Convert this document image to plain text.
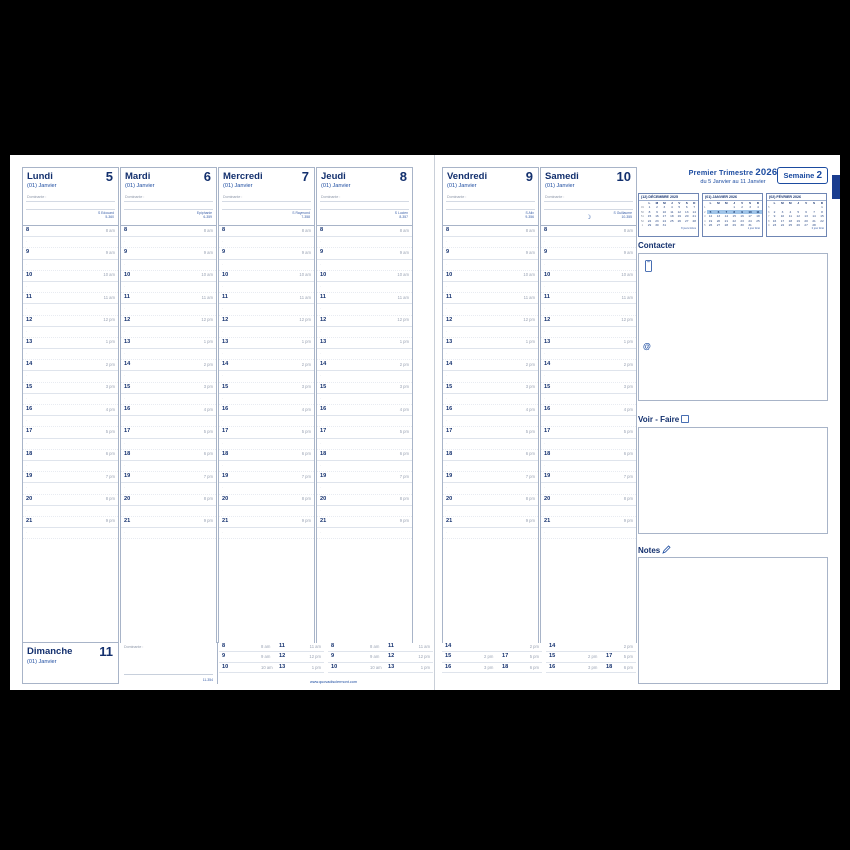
Lundi	5
(01) Janvier
Dominante :
S Edouard
5-360
8	8 am
·
9	9 am
·
10	10 am
·
11	11 am
·
12	12 pm
·
13	1 pm
·
14	2 pm
·
15	3 pm
·
16	4 pm
·
17	5 pm
·
18	6 pm
·
19	7 pm
·
20	8 pm
·
21	9 pm
·
Mardi	6
(01) Janvier
Dominante :
Epiphanie
6-359
8	8 am
·
9	9 am
·
10	10 am
·
11	11 am
·
12	12 pm
·
13	1 pm
·
14	2 pm
·
15	3 pm
·
16	4 pm
·
17	5 pm
·
18	6 pm
·
19	7 pm
·
20	8 pm
·
21	9 pm
·
Mercredi	7
(01) Janvier
Dominante :
S Raymond
7-358
8	8 am
·
9	9 am
·
10	10 am
·
11	11 am
·
12	12 pm
·
13	1 pm
·
14	2 pm
·
15	3 pm
·
16	4 pm
·
17	5 pm
·
18	6 pm
·
19	7 pm
·
20	8 pm
·
21	9 pm
·
Jeudi	8
(01) Janvier
Dominante :
S Lucien
8-357
8	8 am
·
9	9 am
·
10	10 am
·
11	11 am
·
12	12 pm
·
13	1 pm
·
14	2 pm
·
15	3 pm
·
16	4 pm
·
17	5 pm
·
18	6 pm
·
19	7 pm
·
20	8 pm
·
21	9 pm
·
Vendredi	9
(01) Janvier
Dominante :
S Alix
9-356
8	8 am
·
9	9 am
·
10	10 am
·
11	11 am
·
12	12 pm
·
13	1 pm
·
14	2 pm
·
15	3 pm
·
16	4 pm
·
17	5 pm
·
18	6 pm
·
19	7 pm
·
20	8 pm
·
21	9 pm
·
Samedi	10
(01) Janvier
Dominante :
☽
S Guillaume
10-355
8	8 am
·
9	9 am
·
10	10 am
·
11	11 am
·
12	12 pm
·
13	1 pm
·
14	2 pm
·
15	3 pm
·
16	4 pm
·
17	5 pm
·
18	6 pm
·
19	7 pm
·
20	8 pm
·
21	9 pm
·
Dimanche 11
(01) Janvier
Dominante :
11-354
8	8 am 11	11 am
9	9 am 12	12 pm
10	10 am 13	1 pm
8	8 am 11	11 am
9	9 am 12	12 pm
10	10 am 13	1 pm
14	2 pm
15	2 pm 17	5 pm
16	3 pm 18	6 pm
14	2 pm
15	2 pm 17	5 pm
16	3 pm 18	6 pm
www.quovadisclermont.com
Premier Trimestre 2026
du 5 Janvier au 11 Janvier
Semaine 2
(12) DÉCEMBRE 2025
	L	M	M	J	V	S	D
49	1	2	3	4	5	6	7
50	8	9	10	11	12	13	14
51	15	16	17	18	19	20	21
52	22	23	24	25	26	27	28
1	29	30	31				
8 jours fériés
(01) JANVIER 2026
	L	M	M	J	V	S	D
1				1	2	3	4
2	5	6	7	8	9	10	11
3	12	13	14	15	16	17	18
4	19	20	21	22	23	24	25
5	26	27	28	29	30	31	
1 jour férié
(02) FÉVRIER 2026
	L	M	M	J	V	S	D
5							1
6	2	3	4	5	6	7	8
7	9	10	11	12	13	14	15
8	16	17	18	19	20	21	22
9	23	24	25	26	27	28	
0 jour férié
Contacter
@
Voir - Faire
Notes
